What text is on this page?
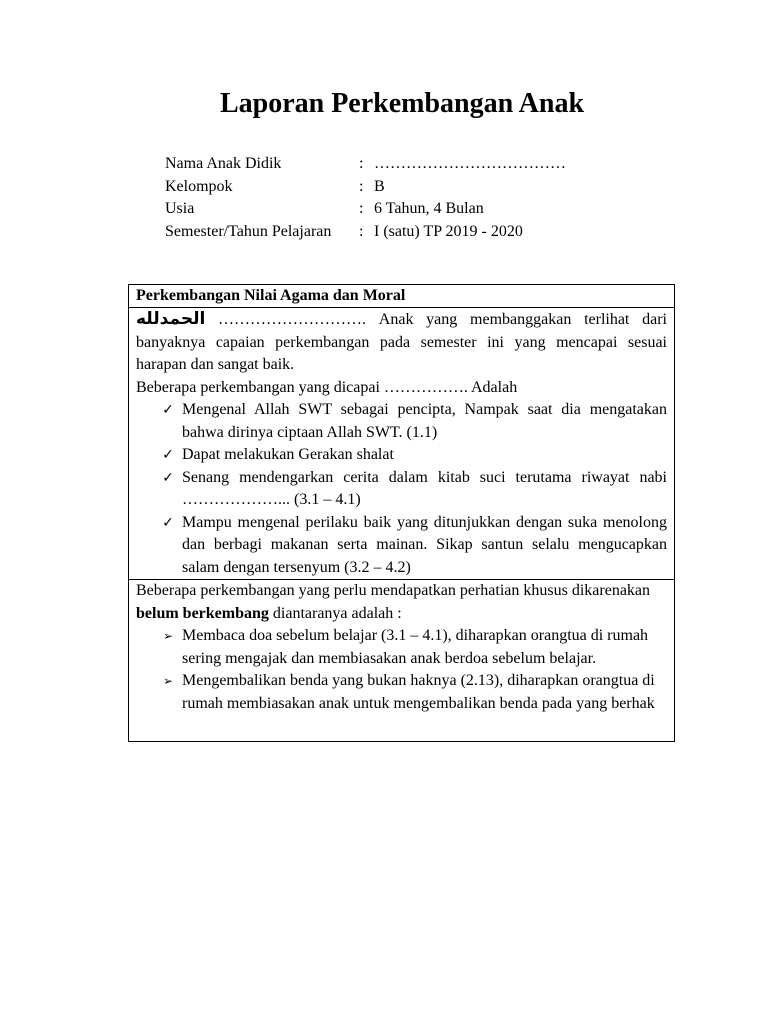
Laporan Perkembangan Anak
Nama Anak Didik	: ………………………………
Kelompok	: B
Usia	: 6 Tahun, 4 Bulan
Semester/Tahun Pelajaran	: I (satu) TP 2019 - 2020
Perkembangan Nilai Agama dan Moral
الحمدلله ………………………. Anak yang membanggakan terlihat dari banyaknya capaian perkembangan pada semester ini yang mencapai sesuai harapan dan sangat baik.
Beberapa perkembangan yang dicapai ……………. Adalah
✓ Mengenal Allah SWT sebagai pencipta, Nampak saat dia mengatakan bahwa dirinya ciptaan Allah SWT. (1.1)
✓ Dapat melakukan Gerakan shalat
✓ Senang mendengarkan cerita dalam kitab suci terutama riwayat nabi ………………... (3.1 – 4.1)
✓ Mampu mengenal perilaku baik yang ditunjukkan dengan suka menolong dan berbagi makanan serta mainan. Sikap santun selalu mengucapkan salam dengan tersenyum (3.2 – 4.2)
Beberapa perkembangan yang perlu mendapatkan perhatian khusus dikarenakan belum berkembang diantaranya adalah :
➢ Membaca doa sebelum belajar (3.1 – 4.1), diharapkan orangtua di rumah sering mengajak dan membiasakan anak berdoa sebelum belajar.
➢ Mengembalikan benda yang bukan haknya (2.13), diharapkan orangtua di rumah membiasakan anak untuk mengembalikan benda pada yang berhak
